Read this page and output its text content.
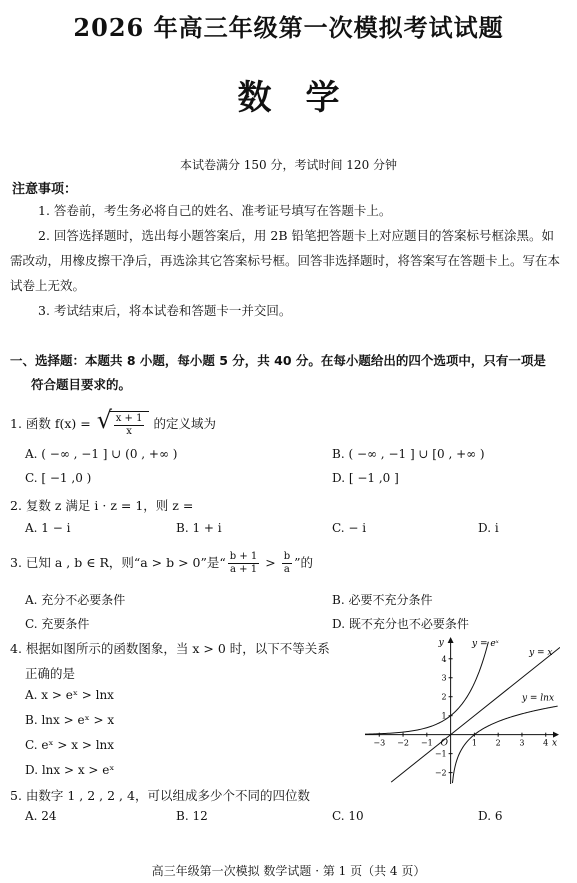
2026 年高三年级第一次模拟考试试题
数学
本试卷满分 150 分，考试时间 120 分钟
注意事项：

1. 答卷前，考生务必将自己的姓名、准考证号填写在答题卡上。

2. 回答选择题时，选出每小题答案后，用 2B 铅笔把答题卡上对应题目的答案标号框涂黑。如需改动，用橡皮擦干净后，再选涂其它答案标号框。回答非选择题时，将答案写在答题卡上。写在本试卷上无效。

3. 考试结束后，将本试卷和答题卡一并交回。

一、选择题：本题共 8 小题，每小题 5 分，共 40 分。在每小题给出的四个选项中，只有一项是
符合题目要求的。
1. 函数 f(x) = √ $\frac{x + 1}{x}$ 的定义域为
A. ( −∞ , −1 ] ∪ (0 , +∞ )	B. ( −∞ , −1 ] ∪ [0 , +∞ )
C. [ −1 ,0 )	D. [ −1 ,0 ]
2. 复数 z 满足 i · z = 1，则 z =
A. 1 − i	B. 1 + i	C. − i	D. i
3. 已知 a , b ∈ R，则“a > b > 0”是“ $\frac{b + 1}{a + 1} > \frac{b}{a}$ ”的
A. 充分不必要条件	B. 必要不充分条件
C. 充要条件	D. 既不充分也不必要条件
4. 根据如图所示的函数图象，当 x > 0 时，以下不等关系
正确的是
A. x > eˣ > lnx
B. lnx > eˣ > x
C. eˣ > x > lnx
D. lnx > x > eˣ
−3 −2 −1	1 2 3 4
−2
−1
1
2
3
4
y = eˣ
y = x
y = lnx
x
y
O
5. 由数字 1 , 2 , 2 , 4，可以组成多少个不同的四位数
A. 24	B. 12	C. 10	D. 6
高三年级第一次模拟 数学试题 · 第 1 页（共 4 页）
